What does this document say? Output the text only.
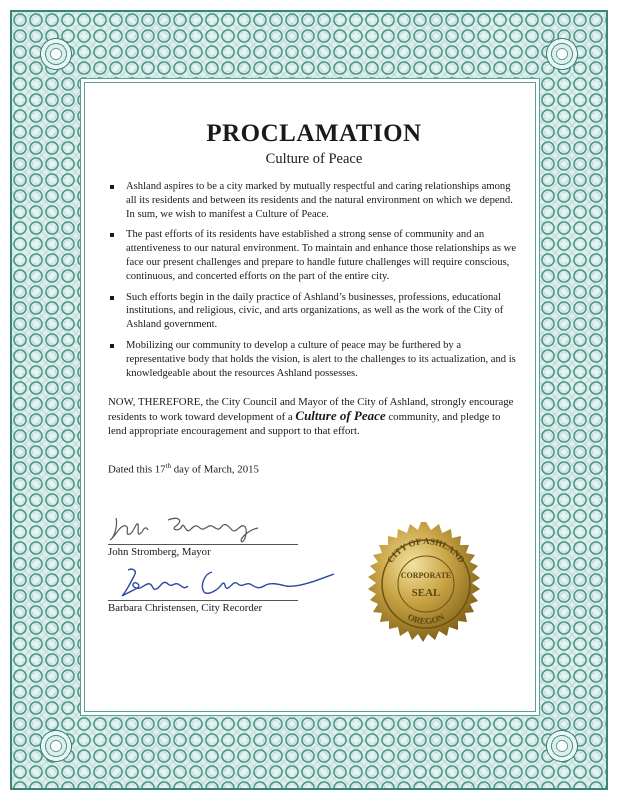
PROCLAMATION
Culture of Peace
Ashland aspires to be a city marked by mutually respectful and caring relationships among all its residents and between its residents and the natural environment on which we depend. In sum, we wish to manifest a Culture of Peace.
The past efforts of its residents have established a strong sense of community and an attentiveness to our natural environment. To maintain and enhance those relationships as we face our present challenges and prepare to handle future challenges will require conscious, continuous, and concerted efforts on the part of the entire city.
Such efforts begin in the daily practice of Ashland’s businesses, professions, educational institutions, and religious, civic, and arts organizations, as well as the work of the City of Ashland government.
Mobilizing our community to develop a culture of peace may be furthered by a representative body that holds the vision, is alert to the challenges to its actualization, and is knowledgeable about the resources Ashland possesses.

NOW, THEREFORE, the City Council and Mayor of the City of Ashland, strongly encourage residents to work toward development of a Culture of Peace community, and pledge to lend appropriate encouragement and support to that effort.

Dated this 17th day of March, 2015
John Stromberg, Mayor
Barbara Christensen, City Recorder
CITY OF ASHLAND
OREGON
CORPORATE
SEAL
